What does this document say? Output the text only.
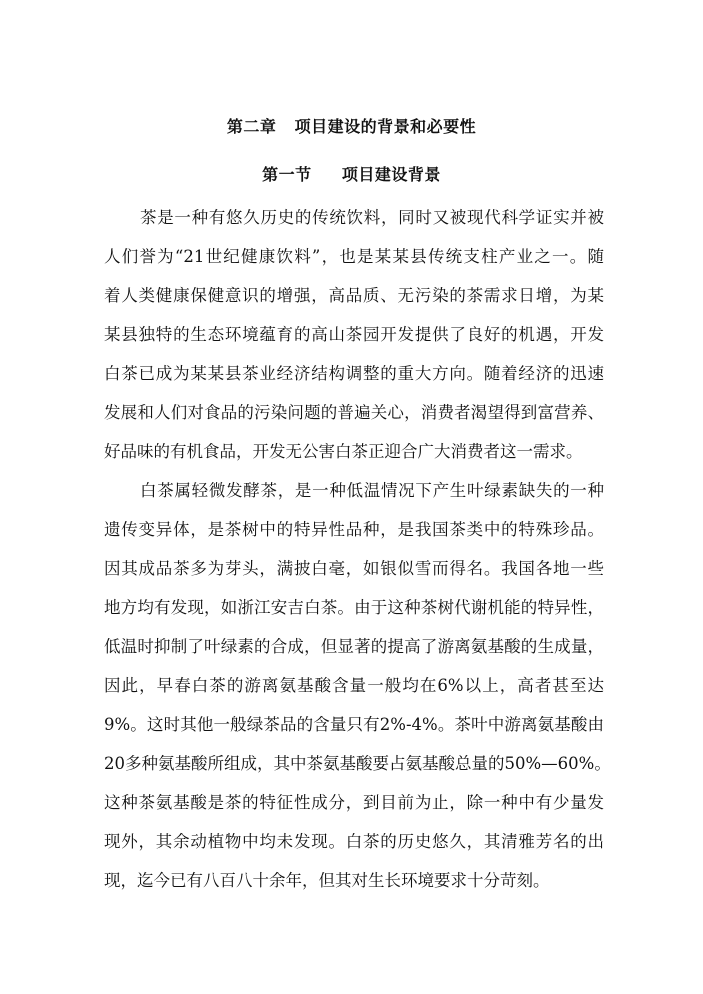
第二章   项目建设的背景和必要性
第一节     项目建设背景
茶是一种有悠久历史的传统饮料，同时又被现代科学证实并被
人们誉为“21世纪健康饮料”，也是某某县传统支柱产业之一。随
着人类健康保健意识的增强，高品质、无污染的茶需求日增，为某
某县独特的生态环境蕴育的高山茶园开发提供了良好的机遇，开发
白茶已成为某某县茶业经济结构调整的重大方向。随着经济的迅速
发展和人们对食品的污染问题的普遍关心，消费者渴望得到富营养、
好品味的有机食品，开发无公害白茶正迎合广大消费者这一需求。
白茶属轻微发酵茶，是一种低温情况下产生叶绿素缺失的一种
遗传变异体，是茶树中的特异性品种，是我国茶类中的特殊珍品。
因其成品茶多为芽头，满披白毫，如银似雪而得名。我国各地一些
地方均有发现，如浙江安吉白茶。由于这种茶树代谢机能的特异性，
低温时抑制了叶绿素的合成，但显著的提高了游离氨基酸的生成量，
因此，早春白茶的游离氨基酸含量一般均在6%以上，高者甚至达
9%。这时其他一般绿茶品的含量只有2%-4%。茶叶中游离氨基酸由
20多种氨基酸所组成，其中茶氨基酸要占氨基酸总量的50%—60%。
这种茶氨基酸是茶的特征性成分，到目前为止，除一种中有少量发
现外，其余动植物中均未发现。白茶的历史悠久，其清雅芳名的出
现，迄今已有八百八十余年，但其对生长环境要求十分苛刻。
